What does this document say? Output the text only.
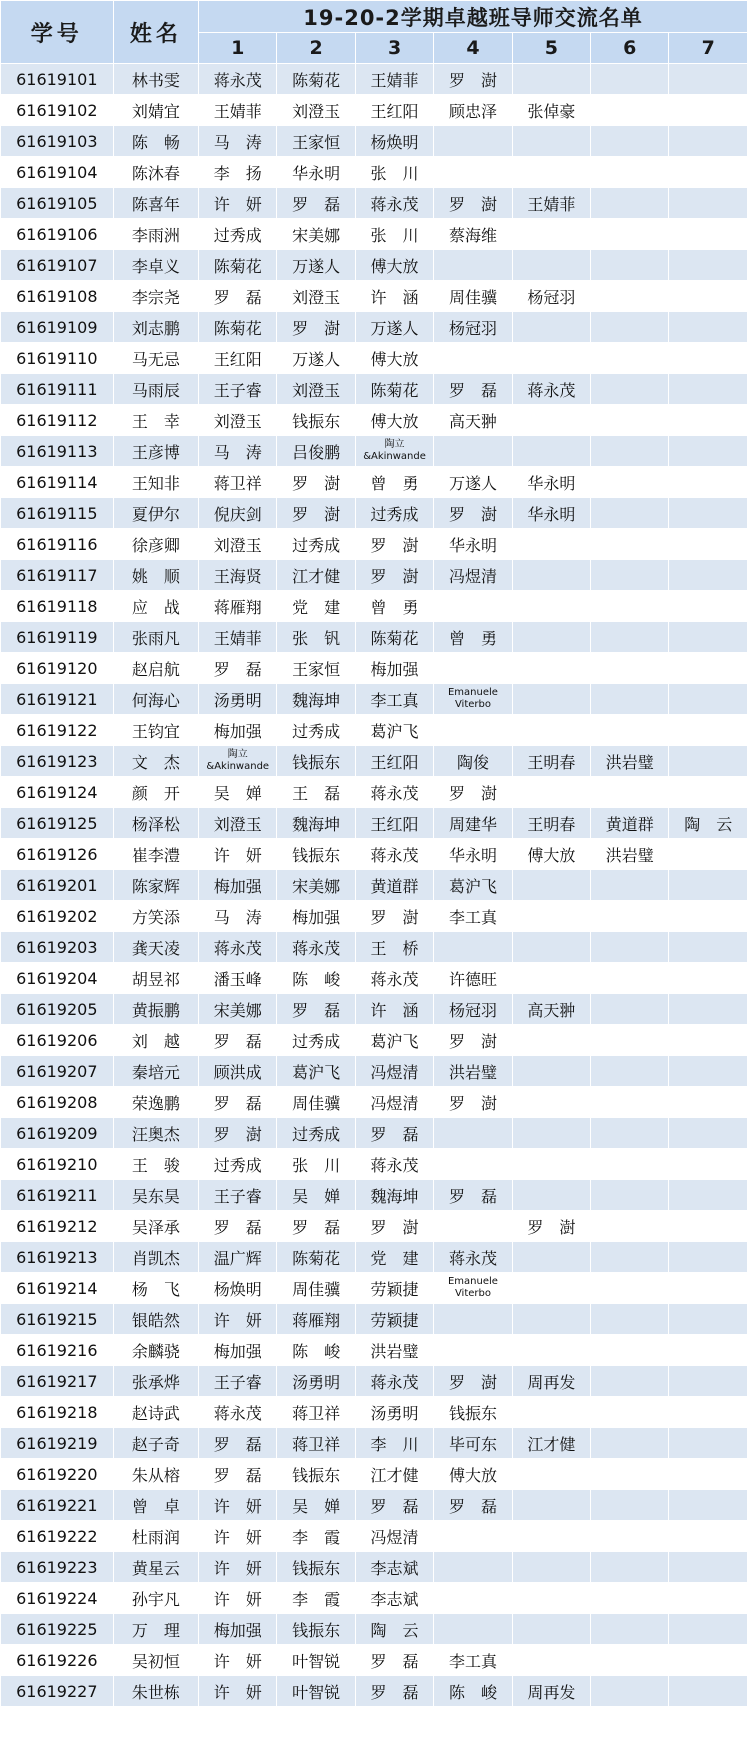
学号	姓名	19-20-2学期卓越班导师交流名单						
		1	2	3	4	5	6	7
61619101	林书雯	蒋永茂	陈菊花	王婧菲	罗　澍			
61619102	刘婧宜	王婧菲	刘澄玉	王红阳	顾忠泽	张倬豪		
61619103	陈　畅	马　涛	王家恒	杨焕明				
61619104	陈沐春	李　扬	华永明	张　川				
61619105	陈喜年	许　妍	罗　磊	蒋永茂	罗　澍	王婧菲		
61619106	李雨洲	过秀成	宋美娜	张　川	蔡海维			
61619107	李卓义	陈菊花	万遂人	傅大放				
61619108	李宗尧	罗　磊	刘澄玉	许　涵	周佳骥	杨冠羽		
61619109	刘志鹏	陈菊花	罗　澍	万遂人	杨冠羽			
61619110	马无忌	王红阳	万遂人	傅大放				
61619111	马雨辰	王子睿	刘澄玉	陈菊花	罗　磊	蒋永茂		
61619112	王　幸	刘澄玉	钱振东	傅大放	高天翀			
61619113	王彦博	马　涛	吕俊鹏	陶立&Akinwande				
61619114	王知非	蒋卫祥	罗　澍	曾　勇	万遂人	华永明		
61619115	夏伊尔	倪庆剑	罗　澍	过秀成	罗　澍	华永明		
61619116	徐彦卿	刘澄玉	过秀成	罗　澍	华永明			
61619117	姚　顺	王海贤	江才健	罗　澍	冯煜清			
61619118	应　战	蒋雁翔	党　建	曾　勇				
61619119	张雨凡	王婧菲	张　钒	陈菊花	曾　勇			
61619120	赵启航	罗　磊	王家恒	梅加强				
61619121	何海心	汤勇明	魏海坤	李工真	Emanuele Viterbo			
61619122	王钧宜	梅加强	过秀成	葛沪飞				
61619123	文　杰	陶立&Akinwande	钱振东	王红阳	陶俊	王明春	洪岩璧	
61619124	颜　开	吴　婵	王　磊	蒋永茂	罗　澍			
61619125	杨泽松	刘澄玉	魏海坤	王红阳	周建华	王明春	黄道群	陶　云
61619126	崔李澧	许　妍	钱振东	蒋永茂	华永明	傅大放	洪岩璧	
61619201	陈家辉	梅加强	宋美娜	黄道群	葛沪飞			
61619202	方笑添	马　涛	梅加强	罗　澍	李工真			
61619203	龚天凌	蒋永茂	蒋永茂	王　桥				
61619204	胡昱祁	潘玉峰	陈　峻	蒋永茂	许德旺			
61619205	黄振鹏	宋美娜	罗　磊	许　涵	杨冠羽	高天翀		
61619206	刘　越	罗　磊	过秀成	葛沪飞	罗　澍			
61619207	秦培元	顾洪成	葛沪飞	冯煜清	洪岩璧			
61619208	荣逸鹏	罗　磊	周佳骥	冯煜清	罗　澍			
61619209	汪奥杰	罗　澍	过秀成	罗　磊				
61619210	王　骏	过秀成	张　川	蒋永茂				
61619211	吴东昊	王子睿	吴　婵	魏海坤	罗　磊			
61619212	吴泽承	罗　磊	罗　磊	罗　澍		罗　澍		
61619213	肖凯杰	温广辉	陈菊花	党　建	蒋永茂			
61619214	杨　飞	杨焕明	周佳骥	劳颖捷	Emanuele Viterbo			
61619215	银皓然	许　妍	蒋雁翔	劳颖捷				
61619216	余麟骁	梅加强	陈　峻	洪岩璧				
61619217	张承烨	王子睿	汤勇明	蒋永茂	罗　澍	周再发		
61619218	赵诗武	蒋永茂	蒋卫祥	汤勇明	钱振东			
61619219	赵子奇	罗　磊	蒋卫祥	李　川	毕可东	江才健		
61619220	朱从榕	罗　磊	钱振东	江才健	傅大放			
61619221	曾　卓	许　妍	吴　婵	罗　磊	罗　磊			
61619222	杜雨润	许　妍	李　霞	冯煜清				
61619223	黄星云	许　妍	钱振东	李志斌				
61619224	孙宇凡	许　妍	李　霞	李志斌				
61619225	万　理	梅加强	钱振东	陶　云				
61619226	吴初恒	许　妍	叶智锐	罗　磊	李工真			
61619227	朱世栋	许　妍	叶智锐	罗　磊	陈　峻	周再发		
